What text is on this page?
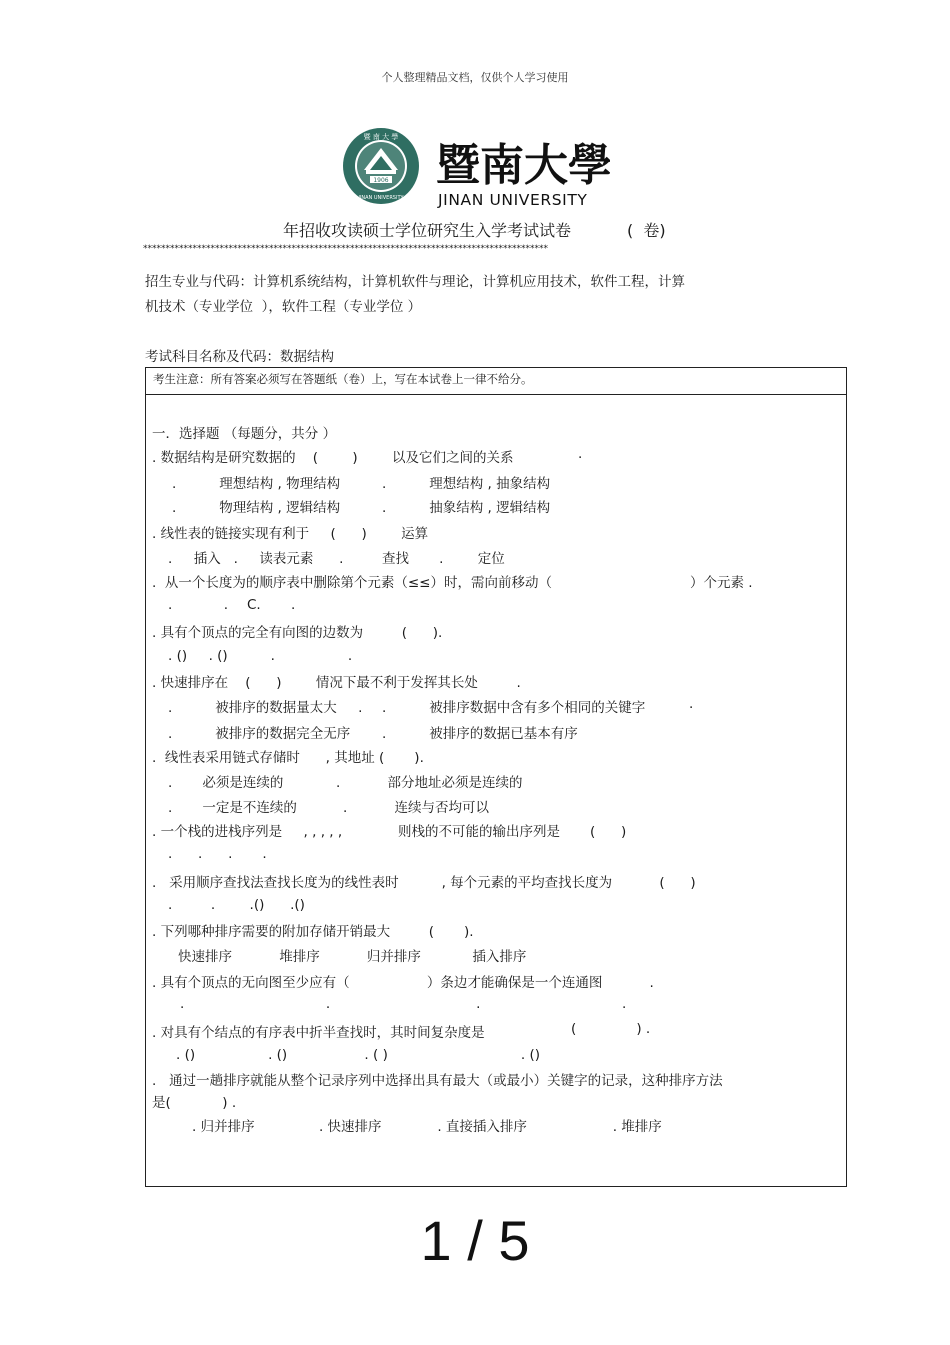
个人整理精品文档，仅供个人学习使用
1906
暨 南 大 學
JINAN UNIVERSITY
暨南大學
JINAN UNIVERSITY
年招收攻读硕士学位研究生入学考试试卷	(  卷)
******************************************************************************************
招生专业与代码：计算机系统结构，计算机软件与理论，计算机应用技术，软件工程，计算
机技术（专业学位  ），软件工程（专业学位 ）
考试科目名称及代码：数据结构
考生注意：所有答案必须写在答题纸（卷）上，写在本试卷上一律不给分。
一．选择题 （每题分，共分 ）
. 数据结构是研究数据的    (        )        以及它们之间的关系	.
.          理想结构 , 物理结构	.          理想结构 , 抽象结构
.          物理结构 , 逻辑结构	.          抽象结构 , 逻辑结构
. 线性表的链接实现有利于     (      )        运算
.     插入   .     读表元素      .         查找       .        定位
.  从一个长度为的顺序表中删除第个元素（≤≤）时，需向前移动（	）个元素 .
.            . C. .
. 具有个顶点的完全有向图的边数为         (      ).
. ()     . ()          .                 .
. 快速排序在    (      )        情况下最不利于发挥其长处         .
.          被排序的数据量太大     . .          被排序数据中含有多个相同的关键字	.
.          被排序的数据完全无序 .          被排序的数据已基本有序
.  线性表采用链式存储时      , 其地址 (       ).
.       必须是连续的	.           部分地址必须是连续的
.       一定是不连续的	.           连续与否均可以
. 一个栈的进栈序列是     , , , , ,             则栈的不可能的输出序列是       (      )
.      .      .       .
.   采用顺序查找法查找长度为的线性表时          , 每个元素的平均查找长度为           (      )
.         .        .()      .()
. 下列哪种排序需要的附加存储开销最大         (       ).
快速排序           堆排序           归并排序            插入排序
. 具有个顶点的无向图至少应有（                  ）条边才能确保是一个连通图           .
.                                 .                                  .                                 .
. 对具有个结点的有序表中折半查找时，其时间复杂度是	(              ) .
. ()                 . ()                  . ( )                               . ()
.   通过一趟排序就能从整个记录序列中选择出具有最大（或最小）关键字的记录，这种排序方法
是(            ) .
. 归并排序               . 快速排序             . 直接插入排序                    . 堆排序
1 / 5
